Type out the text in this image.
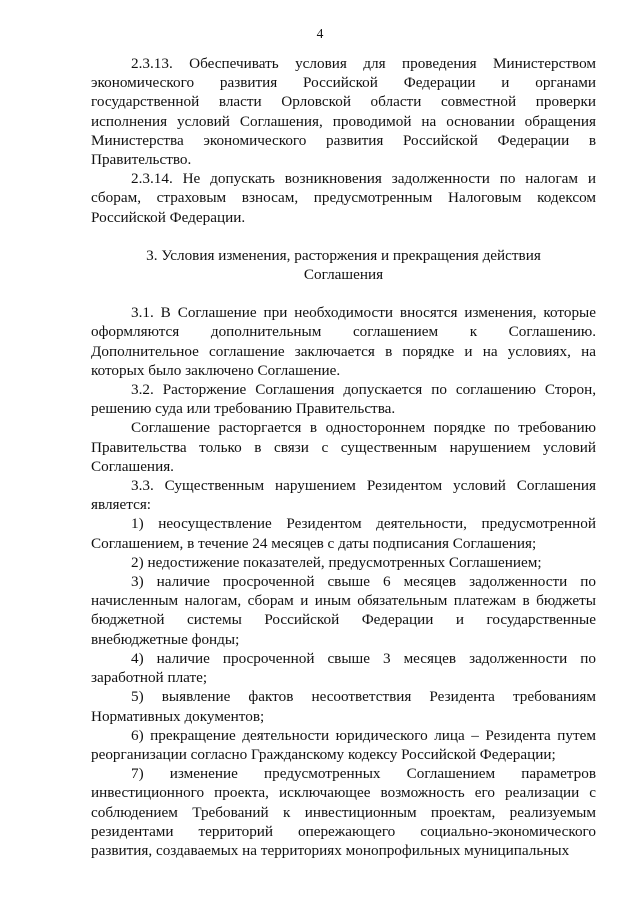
4

2.3.13. Обеспечивать условия для проведения Министерством экономического развития Российской Федерации и органами государственной власти Орловской области совместной проверки исполнения условий Соглашения, проводимой на основании обращения Министерства экономического развития Российской Федерации в Правительство.

2.3.14. Не допускать возникновения задолженности по налогам и сборам, страховым взносам, предусмотренным Налоговым кодексом Российской Федерации.

3. Условия изменения, расторжения и прекращения действия

Соглашения

3.1. В Соглашение при необходимости вносятся изменения, которые оформляются дополнительным соглашением к Соглашению. Дополнительное соглашение заключается в порядке и на условиях, на которых было заключено Соглашение.

3.2. Расторжение Соглашения допускается по соглашению Сторон, решению суда или требованию Правительства.

Соглашение расторгается в одностороннем порядке по требованию Правительства только в связи с существенным нарушением условий Соглашения.

3.3. Существенным нарушением Резидентом условий Соглашения является:

1) неосуществление Резидентом деятельности, предусмотренной Соглашением, в течение 24 месяцев с даты подписания Соглашения;

2) недостижение показателей, предусмотренных Соглашением;

3) наличие просроченной свыше 6 месяцев задолженности по начисленным налогам, сборам и иным обязательным платежам в бюджеты бюджетной системы Российской Федерации и государственные внебюджетные фонды;

4) наличие просроченной свыше 3 месяцев задолженности по заработной плате;

5) выявление фактов несоответствия Резидента требованиям Нормативных документов;

6) прекращение деятельности юридического лица – Резидента путем реорганизации согласно Гражданскому кодексу Российской Федерации;

7) изменение предусмотренных Соглашением параметров инвестиционного проекта, исключающее возможность его реализации с соблюдением Требований к инвестиционным проектам, реализуемым резидентами территорий опережающего социально-экономического развития, создаваемых на территориях монопрофильных муниципальных
